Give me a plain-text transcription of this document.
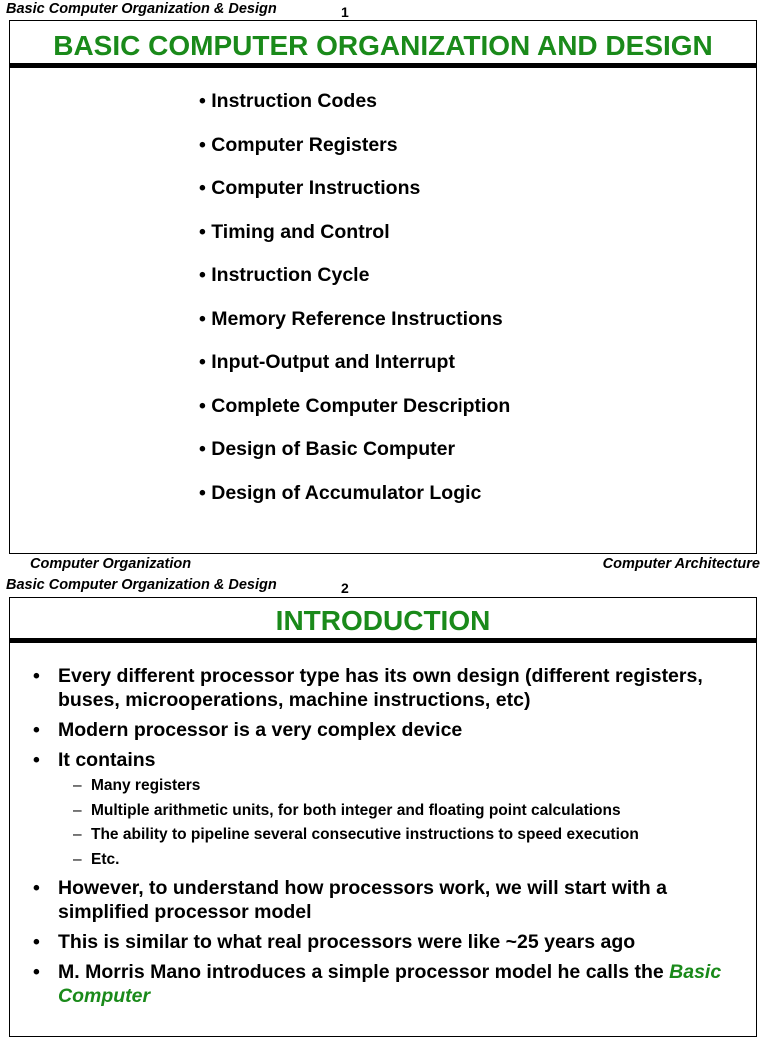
Basic Computer Organization & Design	1
BASIC COMPUTER ORGANIZATION AND DESIGN
• Instruction Codes
• Computer Registers
• Computer Instructions
• Timing and Control
• Instruction Cycle
• Memory Reference Instructions
• Input-Output and Interrupt
• Complete Computer Description
• Design of Basic Computer
• Design of Accumulator Logic
Computer Organization	Computer Architecture
Basic Computer Organization & Design	2
INTRODUCTION
• Every different processor type has its own design (different registers, buses, microoperations, machine instructions, etc)
• Modern processor is a very complex device
• It contains
– Many registers
– Multiple arithmetic units, for both integer and floating point calculations
– The ability to pipeline several consecutive instructions to speed execution
– Etc.
• However, to understand how processors work, we will start with a simplified processor model
• This is similar to what real processors were like ~25 years ago
• M. Morris Mano introduces a simple processor model he calls the Basic Computer
